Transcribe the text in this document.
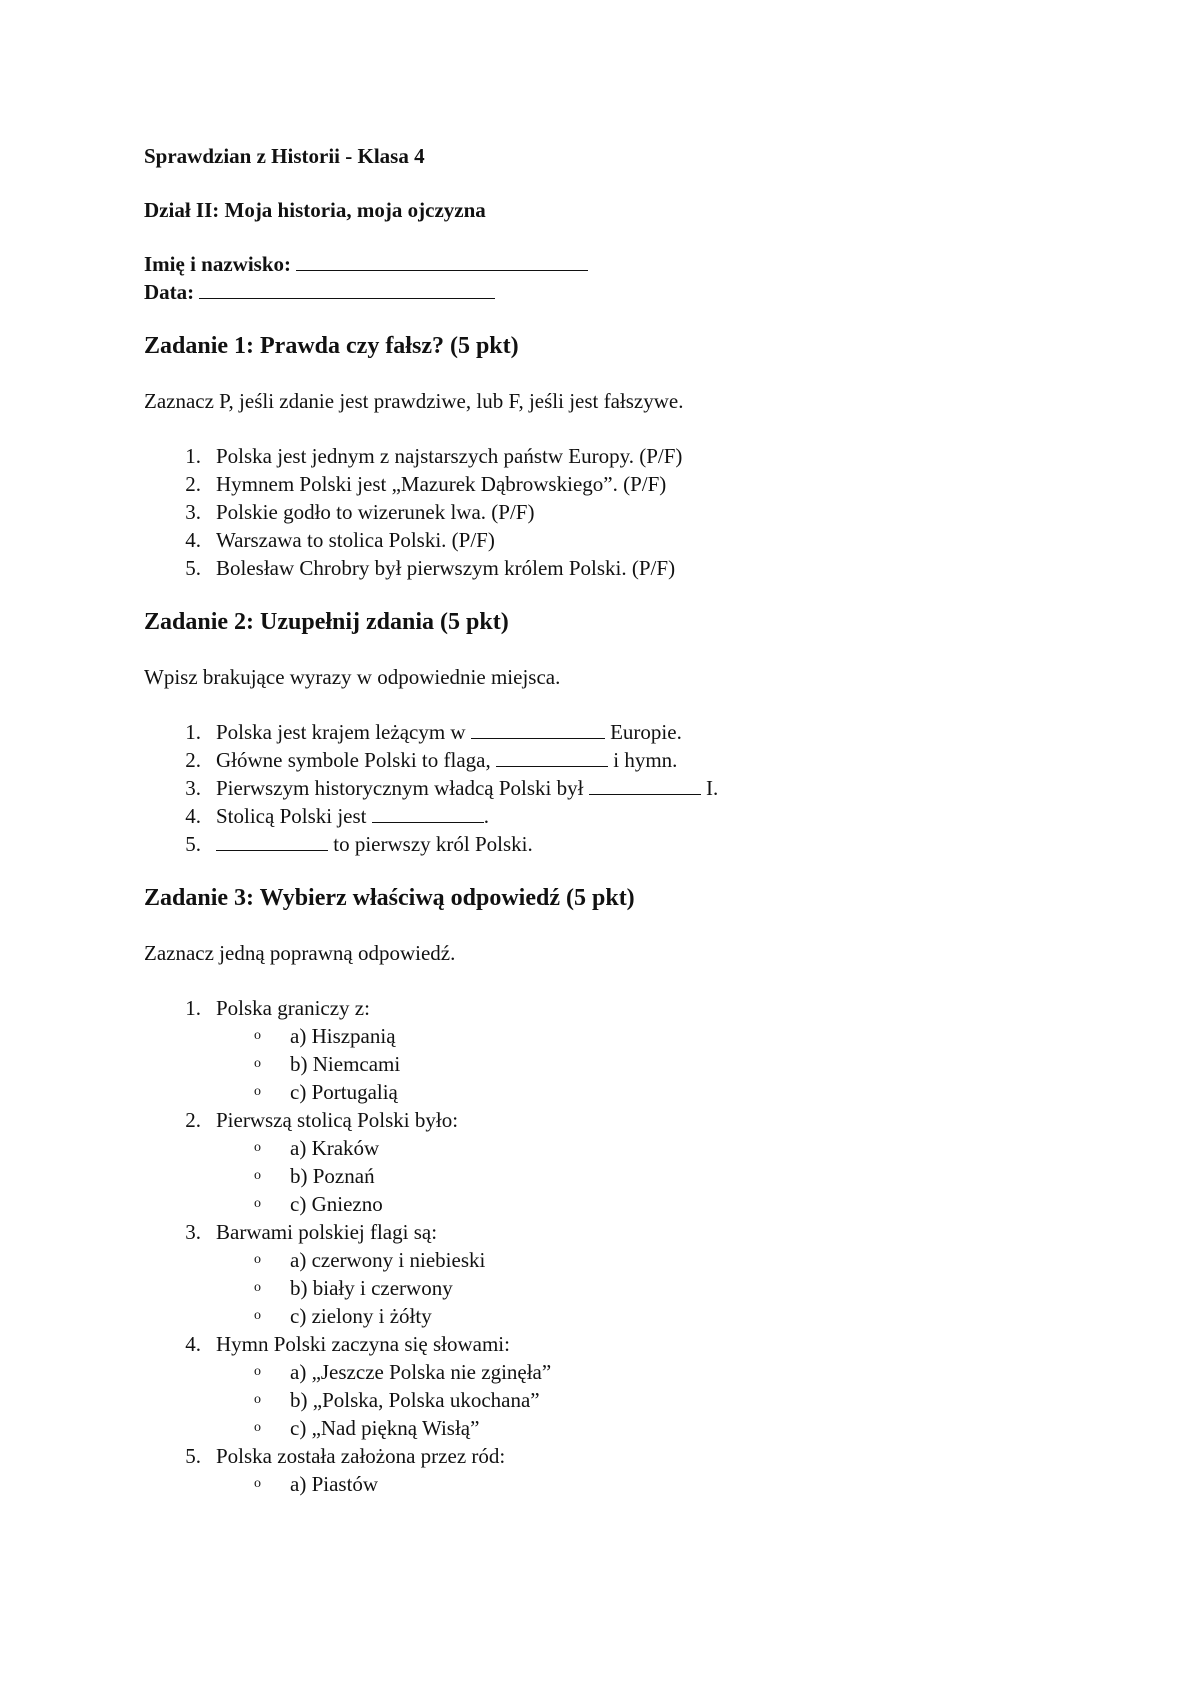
Sprawdzian z Historii - Klasa 4
Dział II: Moja historia, moja ojczyzna
Imię i nazwisko:
Data:
Zadanie 1: Prawda czy fałsz? (5 pkt)
Zaznacz P, jeśli zdanie jest prawdziwe, lub F, jeśli jest fałszywe.
1 . Polska jest jednym z najstarszych państw Europy. (P/F)
2 . Hymnem Polski jest „Mazurek Dąbrowskiego”. (P/F)
3 . Polskie godło to wizerunek lwa. (P/F)
4 . Warszawa to stolica Polski. (P/F)
5 . Bolesław Chrobry był pierwszym królem Polski. (P/F)
Zadanie 2: Uzupełnij zdania (5 pkt)
Wpisz brakujące wyrazy w odpowiednie miejsca.
1 . Polska jest krajem leżącym w	Europie.
2 . Główne symbole Polski to flaga,	i hymn.
3 . Pierwszym historycznym władcą Polski był	I.
4 . Stolicą Polski jest	.
5 .	to pierwszy król Polski.
Zadanie 3: Wybierz właściwą odpowiedź (5 pkt)
Zaznacz jedną poprawną odpowiedź.
1 . Polska graniczy z:
o a) Hiszpanią
o b) Niemcami
o c) Portugalią
2 . Pierwszą stolicą Polski było:
o a) Kraków
o b) Poznań
o c) Gniezno
3 . Barwami polskiej flagi są:
o a) czerwony i niebieski
o b) biały i czerwony
o c) zielony i żółty
4 . Hymn Polski zaczyna się słowami:
o a) „Jeszcze Polska nie zginęła”
o b) „Polska, Polska ukochana”
o c) „Nad piękną Wisłą”
5 . Polska została założona przez ród:
o a) Piastów
